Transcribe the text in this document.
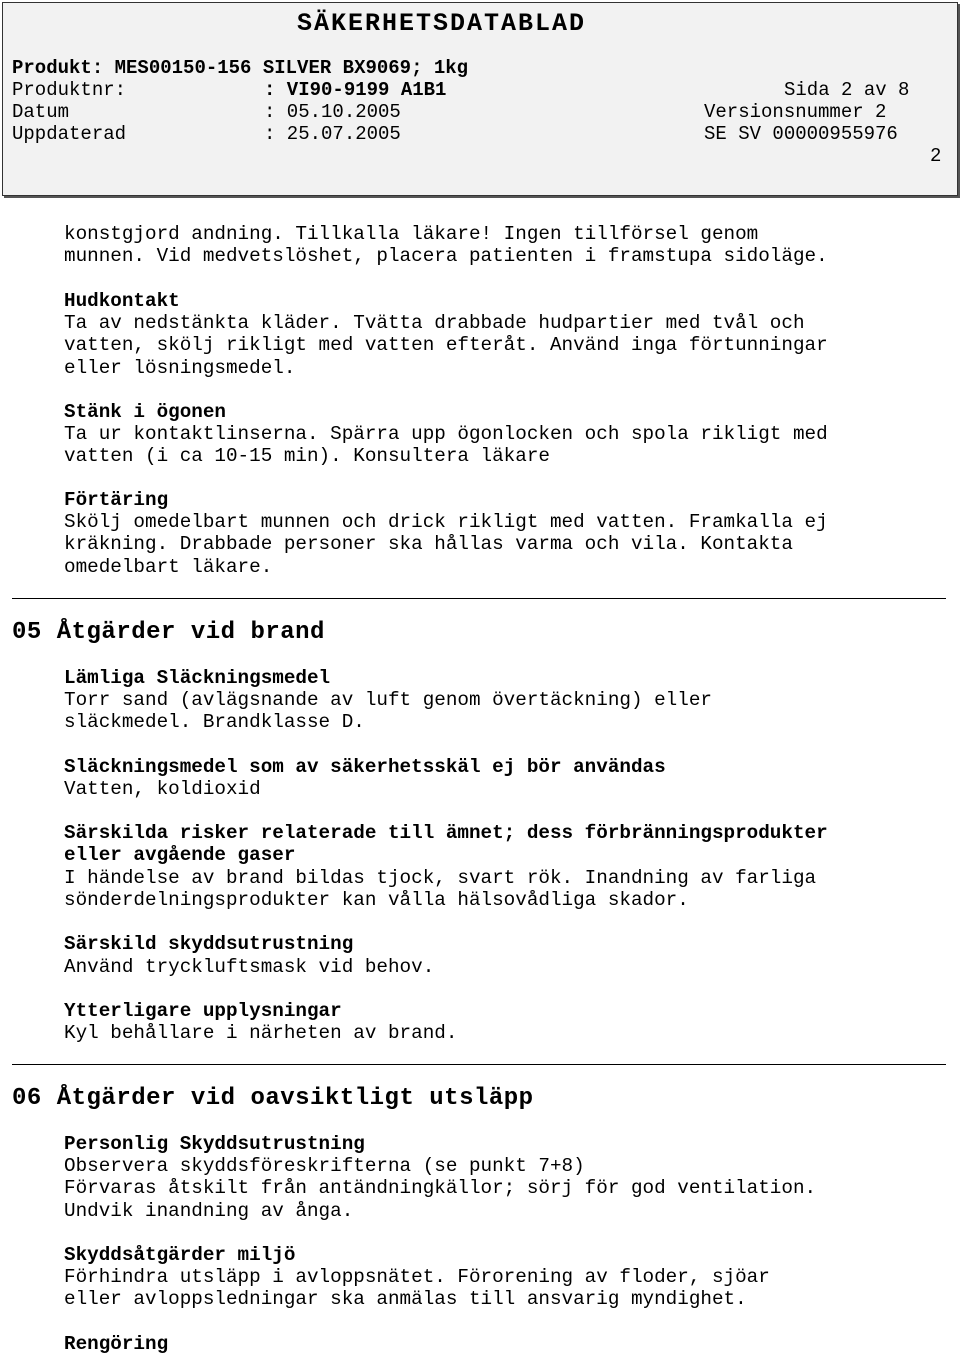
SÄKERHETSDATABLAD
Produkt: MES00150-156 SILVER BX9069; 1kg
Produktnr:	: VI90-9199 A1B1	Sida 2 av 8
Datum	: 05.10.2005	Versionsnummer 2
Uppdaterad	: 25.07.2005	SE SV 00000955976
2
konstgjord andning. Tillkalla läkare! Ingen tillförsel genom
munnen. Vid medvetslöshet, placera patienten i framstupa sidoläge.
Hudkontakt
Ta av nedstänkta kläder. Tvätta drabbade hudpartier med tvål och
vatten, skölj rikligt med vatten efteråt. Använd inga förtunningar
eller lösningsmedel.
Stänk i ögonen
Ta ur kontaktlinserna. Spärra upp ögonlocken och spola rikligt med
vatten (i ca 10-15 min). Konsultera läkare
Förtäring
Skölj omedelbart munnen och drick rikligt med vatten. Framkalla ej
kräkning. Drabbade personer ska hållas varma och vila. Kontakta
omedelbart läkare.
05 Åtgärder vid brand
Lämliga Släckningsmedel
Torr sand (avlägsnande av luft genom övertäckning) eller
släckmedel. Brandklasse D.
Släckningsmedel som av säkerhetsskäl ej bör användas
Vatten, koldioxid
Särskilda risker relaterade till ämnet; dess förbränningsprodukter
eller avgående gaser
I händelse av brand bildas tjock, svart rök. Inandning av farliga
sönderdelningsprodukter kan vålla hälsovådliga skador.
Särskild skyddsutrustning
Använd tryckluftsmask vid behov.
Ytterligare upplysningar
Kyl behållare i närheten av brand.
06 Åtgärder vid oavsiktligt utsläpp
Personlig Skyddsutrustning
Observera skyddsföreskrifterna (se punkt 7+8)
Förvaras åtskilt från antändningkällor; sörj för god ventilation.
Undvik inandning av ånga.
Skyddsåtgärder miljö
Förhindra utsläpp i avloppsnätet. Förorening av floder, sjöar
eller avloppsledningar ska anmälas till ansvarig myndighet.
Rengöring
